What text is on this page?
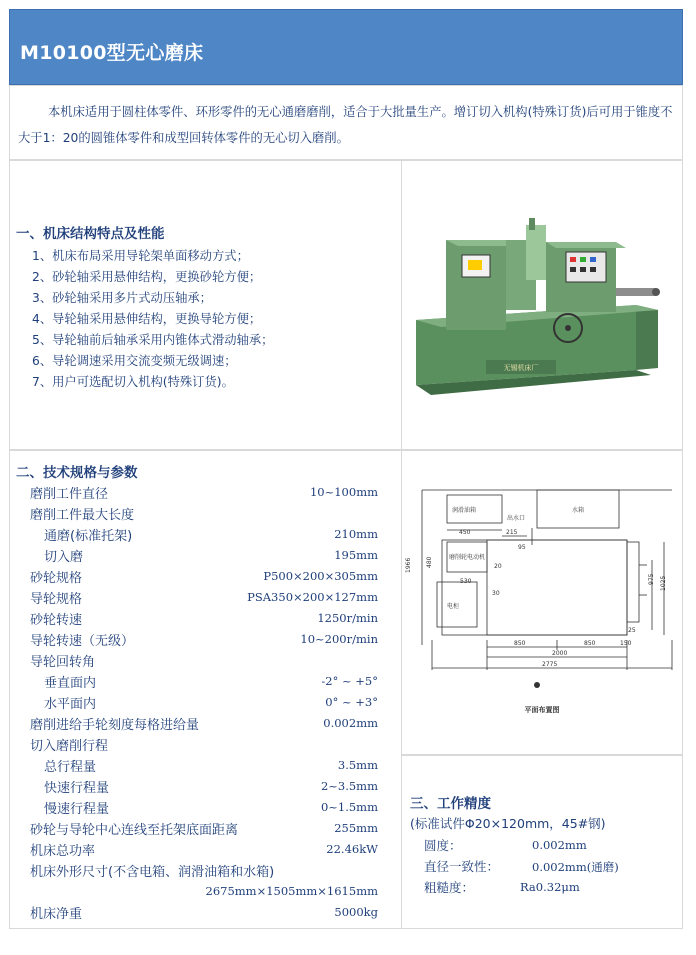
M10100型无心磨床

本机床适用于圆柱体零件、环形零件的无心通磨磨削，适合于大批量生产。增订切入机构(特殊订货)后可用于锥度不大于1：20的圆锥体零件和成型回转体零件的无心切入磨削。

一、机床结构特点及性能
1、机床布局采用导轮架单面移动方式；
2、砂轮轴采用悬伸结构，更换砂轮方便；
3、砂轮轴采用多片式动压轴承；
4、导轮轴采用悬伸结构，更换导轮方便；
5、导轮轴前后轴承采用内锥体式滑动轴承；
6、导轮调速采用交流变频无级调速；
7、用户可选配切入机构(特殊订货)。
无锡机床厂
二、技术规格与参数
磨削工件直径	10~100mm
磨削工件最大长度
通磨(标准托架)	210mm
切入磨	195mm
砂轮规格	P500×200×305mm
导轮规格	PSA350×200×127mm
砂轮转速	1250r/min
导轮转速（无级）	10~200r/min
导轮回转角
垂直面内	-2° ~ +5°
水平面内	0° ~ +3°
磨削进给手轮刻度每格进给量	0.002mm
切入磨削行程
总行程量	3.5mm
快速行程量	2~3.5mm
慢速行程量	0~1.5mm
砂轮与导轮中心连线至托架底面距离	255mm
机床总功率	22.46kW
机床外形尺寸(不含电箱、润滑油箱和水箱)
2675mm×1505mm×1615mm
机床净重	5000kg
润滑油箱	水箱
出水口
磨削轮电动机
电柜
450	215
95
1966 480	20
530
30
975 1025
25
850	850	150
2000
2775
平面布置图
三、工作精度
(标准试件Φ20×120mm，45#钢)
圆度：	0.002mm
直径一致性：	0.002mm(通磨)
粗糙度：	Ra0.32μm
